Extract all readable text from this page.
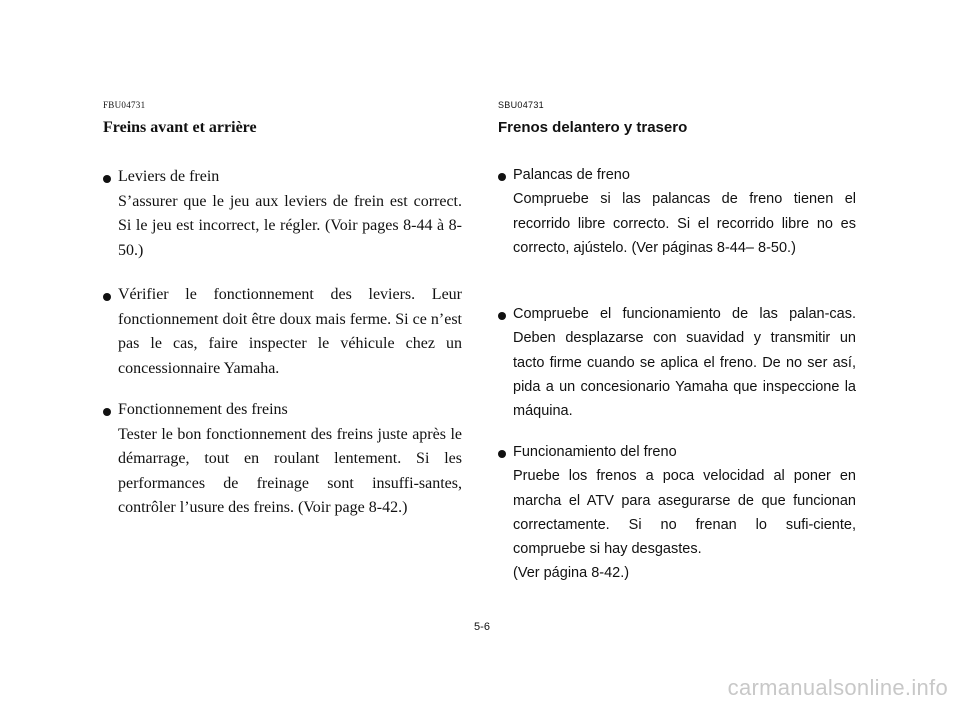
FBU04731
Freins avant et arrière
Leviers de frein
S’assurer que le jeu aux leviers de frein est correct. Si le jeu est incorrect, le régler. (Voir pages 8-44 à 8-50.)
Vérifier le fonctionnement des leviers. Leur fonctionnement doit être doux mais ferme. Si ce n’est pas le cas, faire inspecter le véhicule chez un concessionnaire Yamaha.
Fonctionnement des freins
Tester le bon fonctionnement des freins juste après le démarrage, tout en roulant lentement. Si les performances de freinage sont insuffi-santes, contrôler l’usure des freins. (Voir page 8-42.)
SBU04731
Frenos delantero y trasero
Palancas de freno
Compruebe si las palancas de freno tienen el recorrido libre correcto. Si el recorrido libre no es correcto, ajústelo. (Ver páginas 8-44– 8-50.)
Compruebe el funcionamiento de las palan-cas. Deben desplazarse con suavidad y transmitir un tacto firme cuando se aplica el freno. De no ser así, pida a un concesionario Yamaha que inspeccione la máquina.
Funcionamiento del freno
Pruebe los frenos a poca velocidad al poner en marcha el ATV para asegurarse de que funcionan correctamente. Si no frenan lo sufi-ciente, compruebe si hay desgastes.
(Ver página 8-42.)
5-6
carmanualsonline.info
